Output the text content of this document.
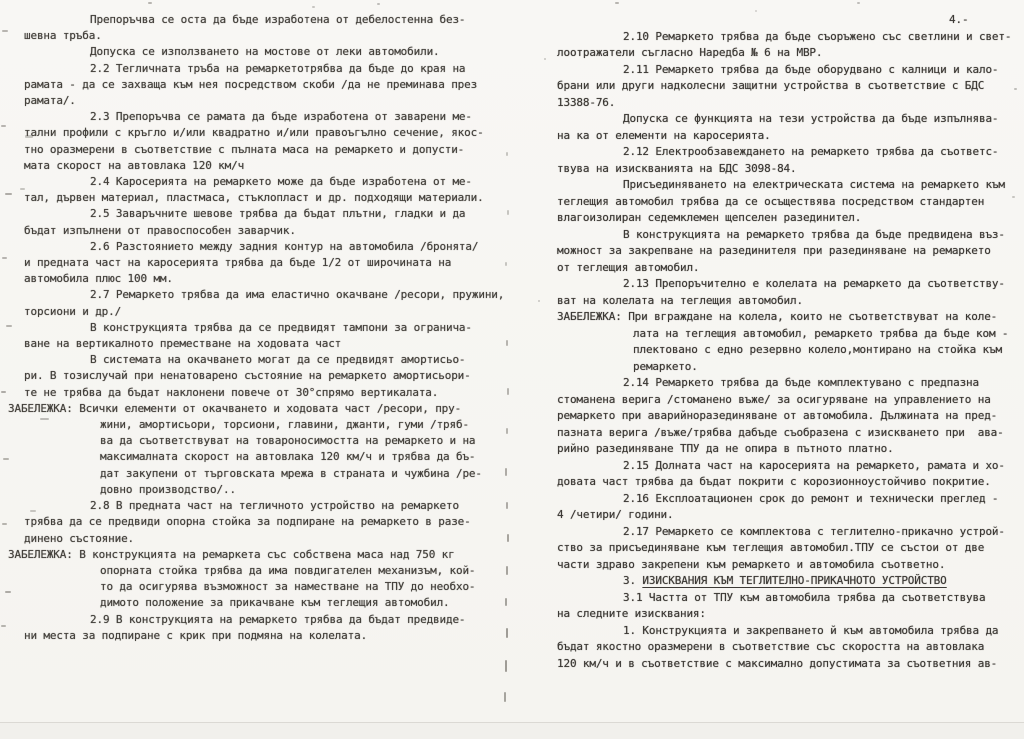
Препоръчва се оста да бъде изработена от дебелостенна без-
шевна тръба.
Допуска се използването на мостове от леки автомобили.
2.2 Тегличната тръба на ремаркетотрябва да бъде до края на
рамата - да се захваща към нея посредством скоби /да не преминава през
рамата/.
2.3 Препоръчва се рамата да бъде изработена от заварени ме-
тални профили с кръгло и/или квадратно и/или правоъгълно сечение, якос-
тно оразмерени в съответствие с пълната маса на ремаркето и допусти-
мата скорост на автовлака 120 км/ч
2.4 Каросерията на ремаркето може да бъде изработена от ме-
тал, дървен материал, пластмаса, стъклопласт и др. подходящи материали.
2.5 Заваръчните шевове трябва да бъдат плътни, гладки и да
бъдат изпълнени от правоспособен заварчик.
2.6 Разстоянието между задния контур на автомобила /бронята/
и предната част на каросерията трябва да бъде 1/2 от широчината на
автомобила плюс 100 мм.
2.7 Ремаркето трябва да има еластично окачване /ресори, пружини,
торсиони и др./
В конструкцията трябва да се предвидят тампони за огранича-
ване на вертикалното преместване на ходовата част
В системата на окачването могат да се предвидят амортисьо-
ри. В тозислучай при ненатоварено състояние на ремаркето амортисьори-
те не трябва да бъдат наклонени повече от 30°спрямо вертикалата.
ЗАБЕЛЕЖКА: Всички елементи от окачването и ходовата част /ресори, пру-
жини, амортисьори, торсиони, главини, джанти, гуми /тряб-
ва да съответствуват на товароносимостта на ремаркето и на
максималната скорост на автовлака 120 км/ч и трябва да бъ-
дат закупени от търговската мрежа в страната и чужбина /ре-
довно производство/..
2.8 В предната част на тегличното устройство на ремаркето
трябва да се предвиди опорна стойка за подпиране на ремаркето в разе-
динено състояние.
ЗАБЕЛЕЖКА: В конструкцията на ремаркета със собствена маса над 750 кг
опорната стойка трябва да има повдигателен механизъм, кой-
то да осигурява възможност за наместване на ТПУ до необхо-
димото положение за прикачване към теглещия автомобил.
2.9 В конструкцията на ремаркето трябва да бъдат предвиде-
ни места за подпиране с крик при подмяна на колелата.
4.-
2.10 Ремаркето трябва да бъде съоръжено със светлини и свет-
лоотражатели съгласно Наредба № 6 на МВР.
2.11 Ремаркето трябва да бъде оборудвано с калници и кало-
брани или други надколесни защитни устройства в съответствие с БДС
13388-76.
Допуска се функцията на тези устройства да бъде изпълнява-
на ка от елементи на каросерията.
2.12 Електрообзавеждането на ремаркето трябва да съответс-
твува на изискванията на БДС 3098-84.
Присъединяването на електрическата система на ремаркето към
теглещия автомобил трябва да се осъществява посредством стандартен
влагоизолиран седемклемен щепселен разединител.
В конструкцията на ремаркето трябва да бъде предвидена въз-
можност за закрепване на разединителя при разединяване на ремаркето
от теглещия автомобил.
2.13 Препоръчително е колелата на ремаркето да съответству-
ват на колелата на теглещия автомобил.
ЗАБЕЛЕЖКА: При вграждане на колела, които не съответствуват на коле-
лата на теглещия автомобил, ремаркето трябва да бъде ком -
плектовано с едно резервно колело,монтирано на стойка към
ремаркето.
2.14 Ремаркето трябва да бъде комплектувано с предпазна
стоманена верига /стоманено въже/ за осигуряване на управлението на
ремаркето при аварийноразединяване от автомобила. Дължината на пред-
пазната верига /въже/трябва дабъде съобразена с изискването при  ава-
рийно разединяване ТПУ да не опира в пътното платно.
2.15 Долната част на каросерията на ремаркето, рамата и хо-
довата част трябва да бъдат покрити с корозионноустойчиво покритие.
2.16 Експлоатационен срок до ремонт и технически преглед -
4 /четири/ години.
2.17 Ремаркето се комплектова с теглително-прикачно устрой-
ство за присъединяване към теглещия автомобил.ТПУ се състои от две
части здраво закрепени към ремаркето и автомобила съответно.
3. ИЗИСКВАНИЯ КЪМ ТЕГЛИТЕЛНО-ПРИКАЧНОТО УСТРОЙСТВО
3.1 Частта от ТПУ към автомобила трябва да съответствува
на следните изисквания:
1. Конструкцията и закрепването й към автомобила трябва да
бъдат якостно оразмерени в съответствие със скоростта на автовлака
120 км/ч и в съответствие с максимално допустимата за съответния ав-
